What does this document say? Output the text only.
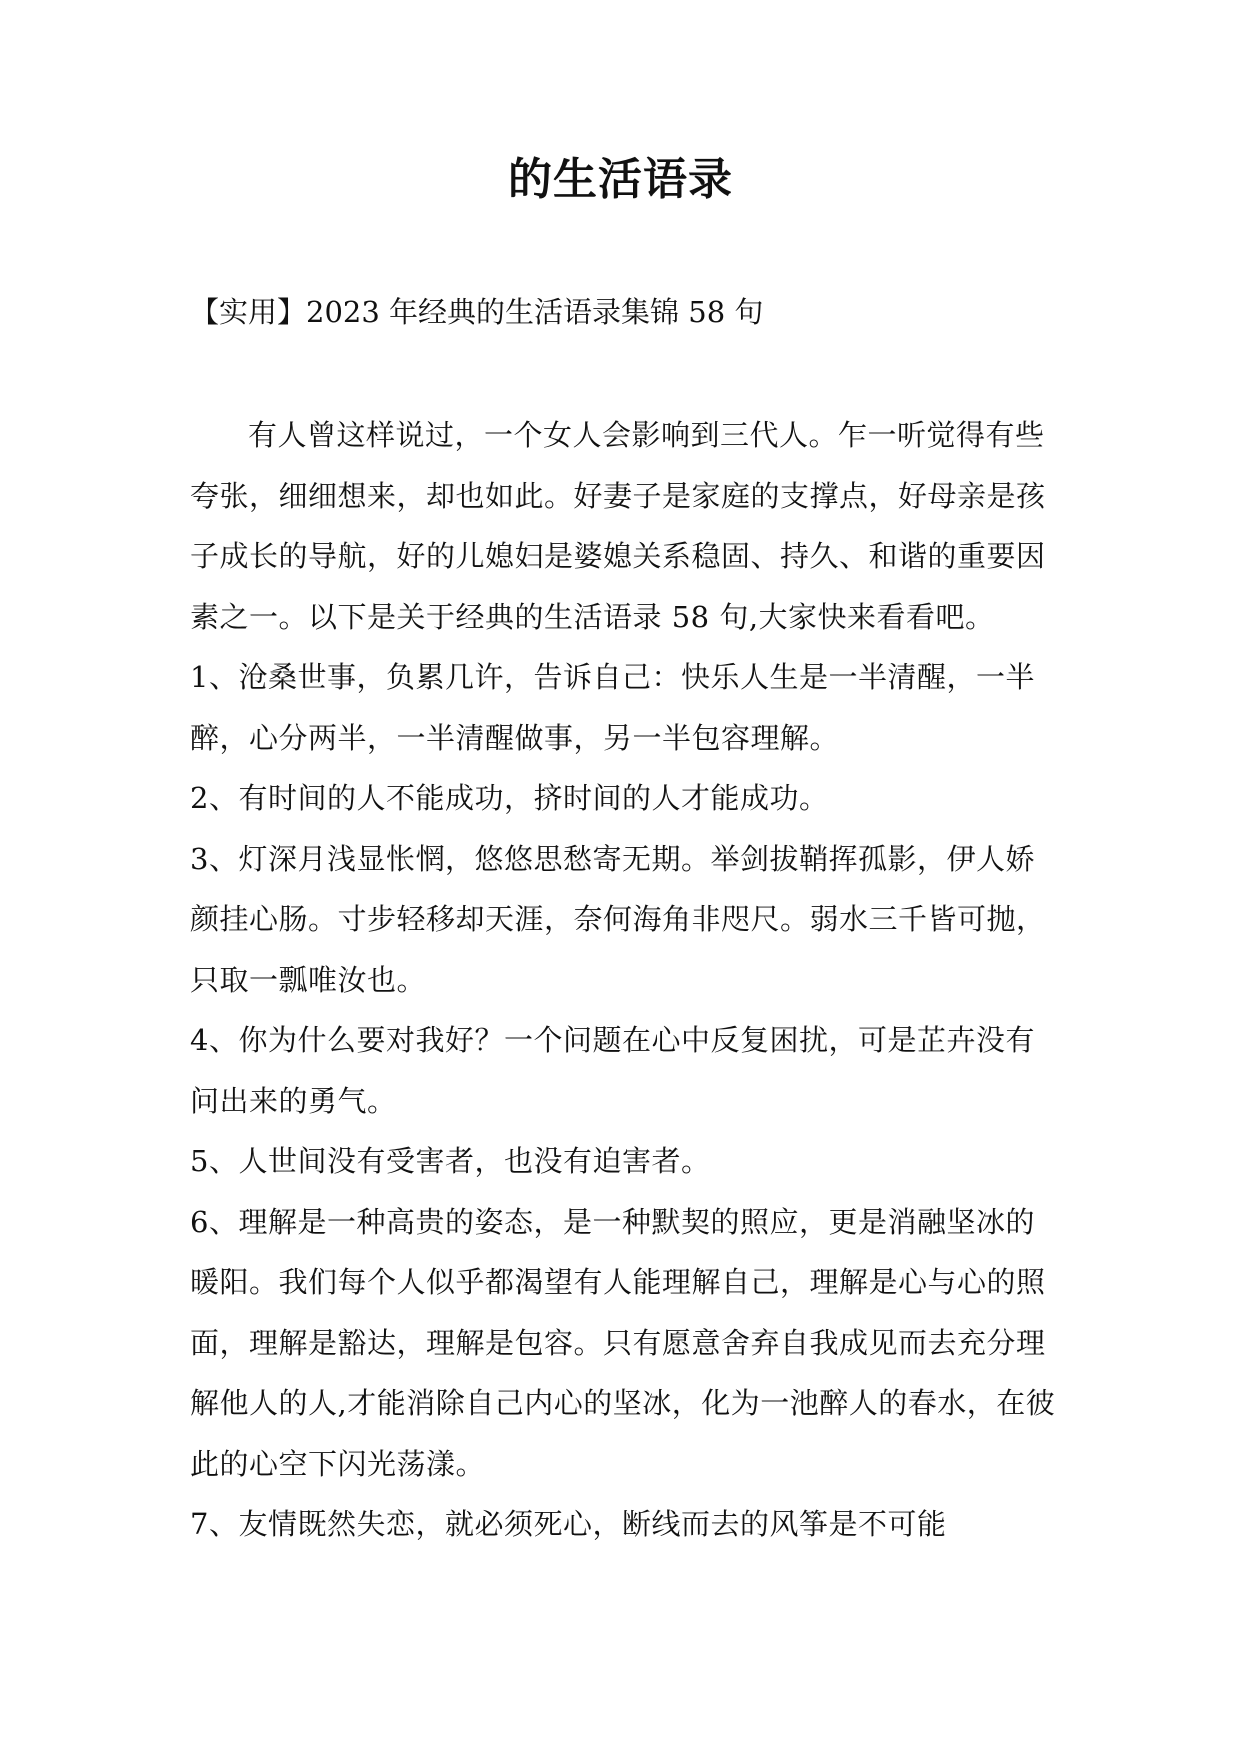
的生活语录
【实用】2023 年经典的生活语录集锦 58 句

有人曾这样说过，一个女人会影响到三代人。乍一听觉得有些夸张，细细想来，却也如此。好妻子是家庭的支撑点，好母亲是孩子成长的导航，好的儿媳妇是婆媳关系稳固、持久、和谐的重要因素之一。以下是关于经典的生活语录 58 句,大家快来看看吧。

1、沧桑世事，负累几许，告诉自己：快乐人生是一半清醒，一半醉，心分两半，一半清醒做事，另一半包容理解。

2、有时间的人不能成功，挤时间的人才能成功。

3、灯深月浅显怅惘，悠悠思愁寄无期。举剑拔鞘挥孤影，伊人娇颜挂心肠。寸步轻移却天涯，奈何海角非咫尺。弱水三千皆可抛，只取一瓢唯汝也。

4、你为什么要对我好？一个问题在心中反复困扰，可是芷卉没有问出来的勇气。

5、人世间没有受害者，也没有迫害者。

6、理解是一种高贵的姿态，是一种默契的照应，更是消融坚冰的暖阳。我们每个人似乎都渴望有人能理解自己，理解是心与心的照面，理解是豁达，理解是包容。只有愿意舍弃自我成见而去充分理解他人的人,才能消除自己内心的坚冰，化为一池醉人的春水，在彼此的心空下闪光荡漾。

7、友情既然失恋，就必须死心，断线而去的风筝是不可能
